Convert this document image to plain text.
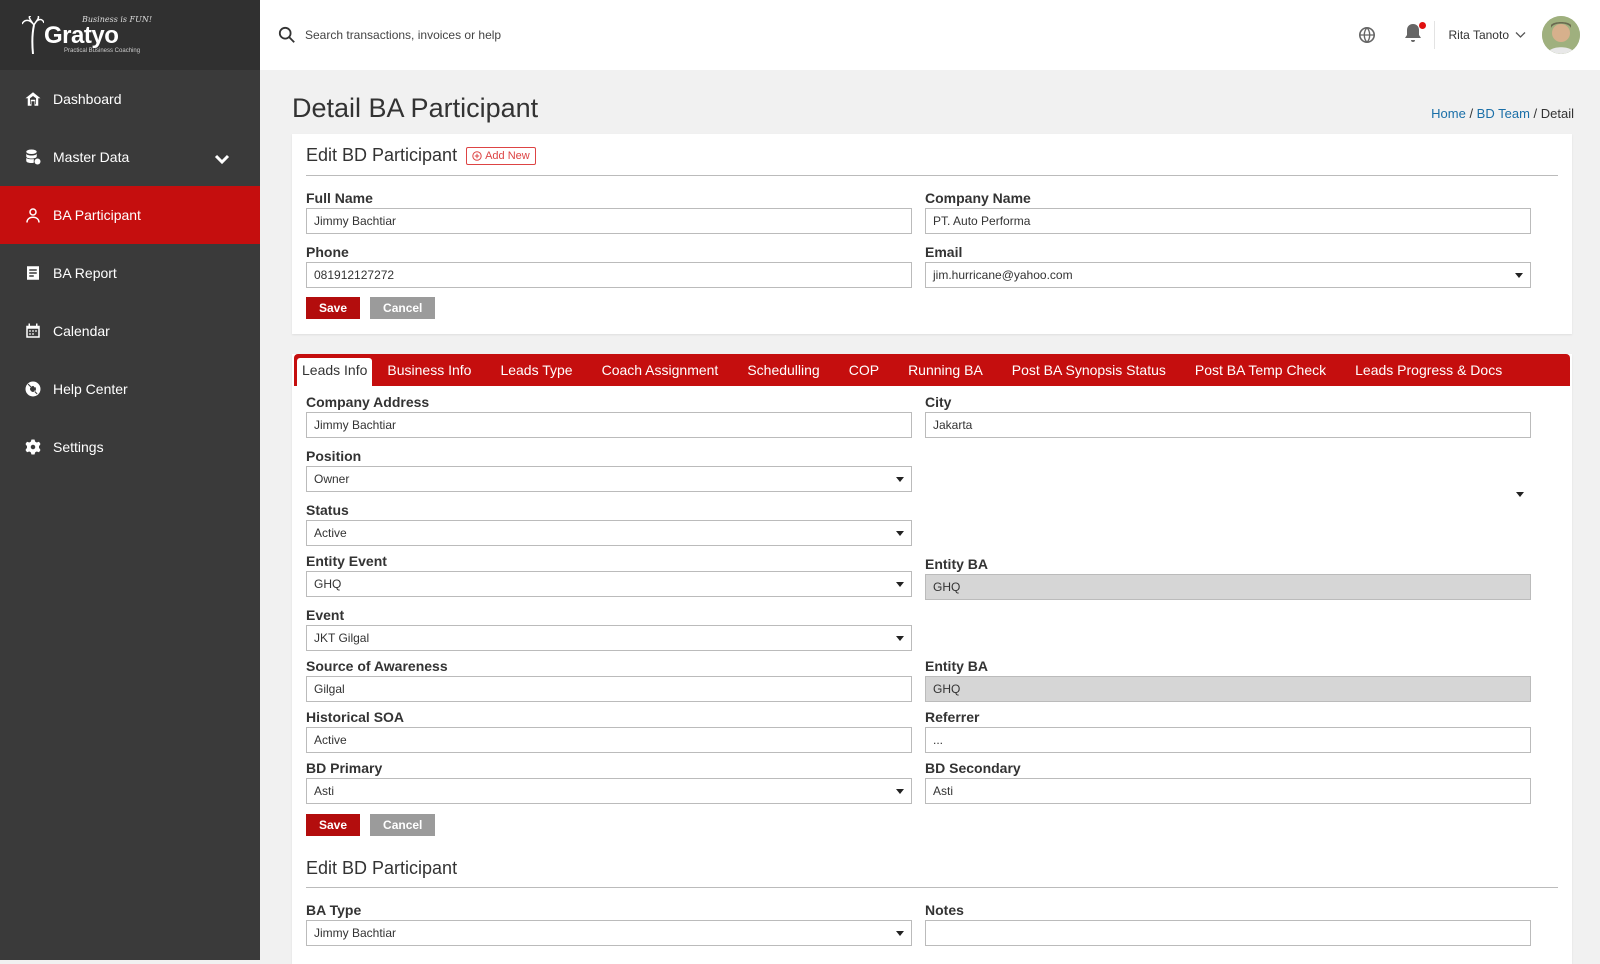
Business is FUN!
Gratyo
Practical Business Coaching
Dashboard
Master Data
BA Participant
BA Report
Calendar
Help Center
Settings
Search transactions, invoices or help
Rita Tanoto
Detail BA Participant	Home / BD Team / Detail
Edit BD Participant	Add New
Full Name
Jimmy Bachtiar
Company Name
PT. Auto Performa
Phone
081912127272
Email
jim.hurricane@yahoo.com
Save	Cancel
Leads Info	Business Info	Leads Type	Coach Assignment	Schedulling	COP	Running BA	Post BA Synopsis Status	Post BA Temp Check	Leads Progress & Docs
Company Address
Jimmy Bachtiar
City
Jakarta
Position
Owner
Status
Active
Entity Event
GHQ
Entity BA
GHQ
Event
JKT Gilgal
Source of Awareness
Gilgal
Entity BA
GHQ
Historical SOA
Active
Referrer
...
BD Primary
Asti
BD Secondary
Asti
Save	Cancel
Edit BD Participant
BA Type
Jimmy Bachtiar
Notes
